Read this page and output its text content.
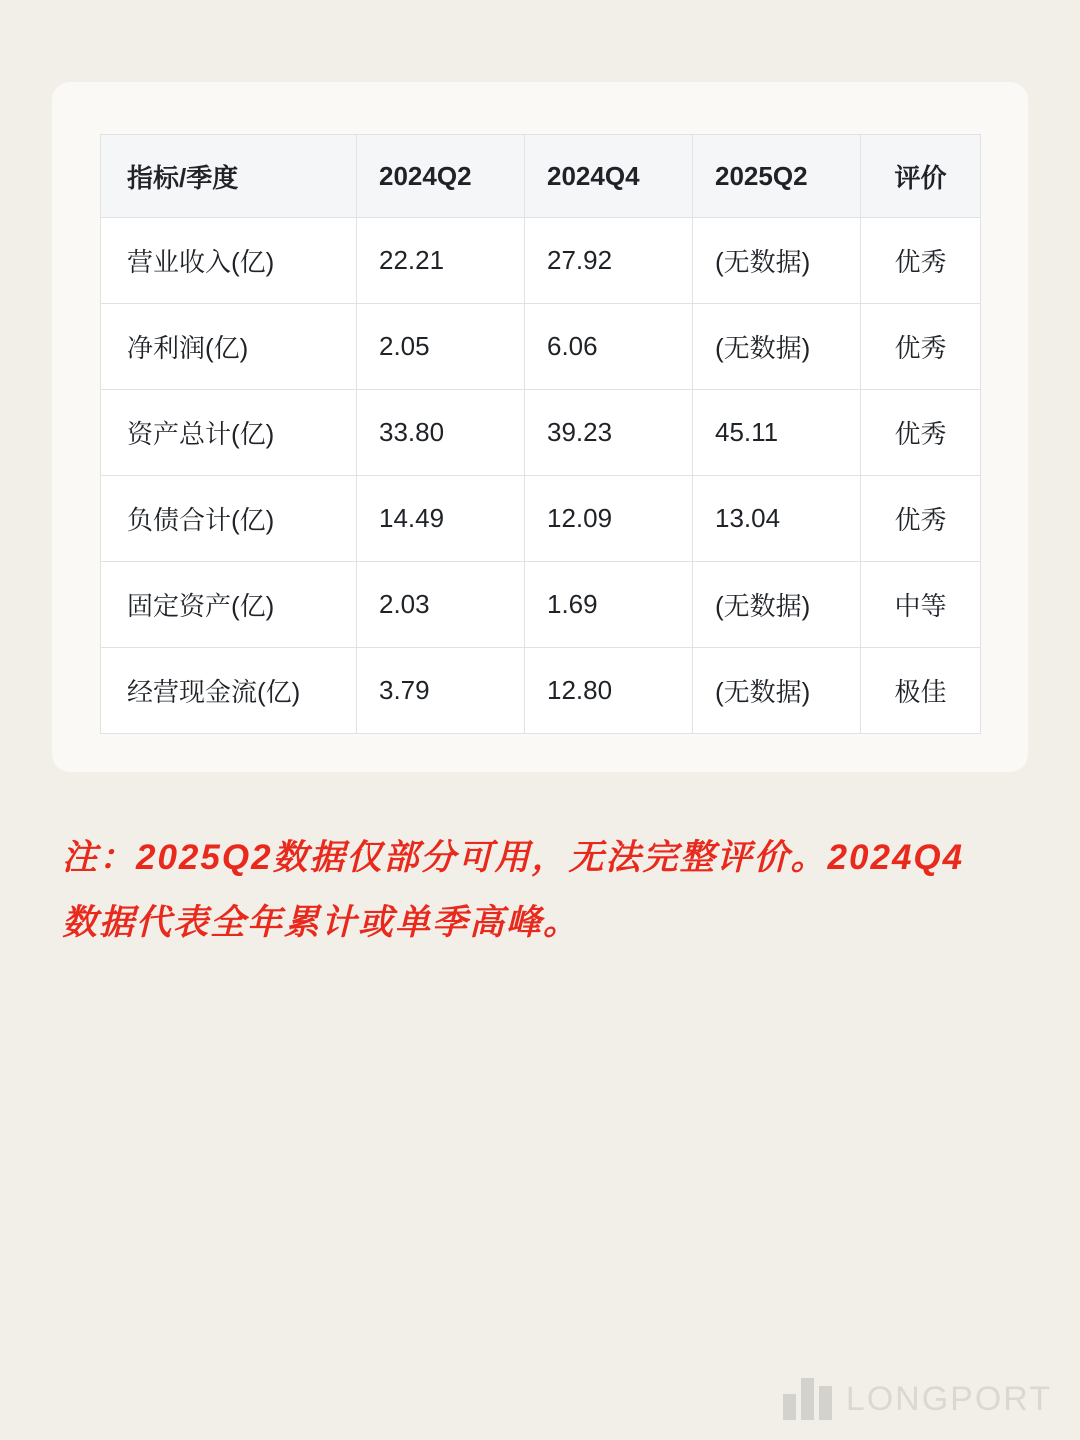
指标/季度	2024Q2	2024Q4	2025Q2	评价
营业收入(亿)	22.21	27.92	(无数据)	优秀
净利润(亿)	2.05	6.06	(无数据)	优秀
资产总计(亿)	33.80	39.23	45.11	优秀
负债合计(亿)	14.49	12.09	13.04	优秀
固定资产(亿)	2.03	1.69	(无数据)	中等
经营现金流(亿)	3.79	12.80	(无数据)	极佳
注：2025Q2数据仅部分可用，无法完整评价。2024Q4数据代表全年累计或单季高峰。
LONGPORT
